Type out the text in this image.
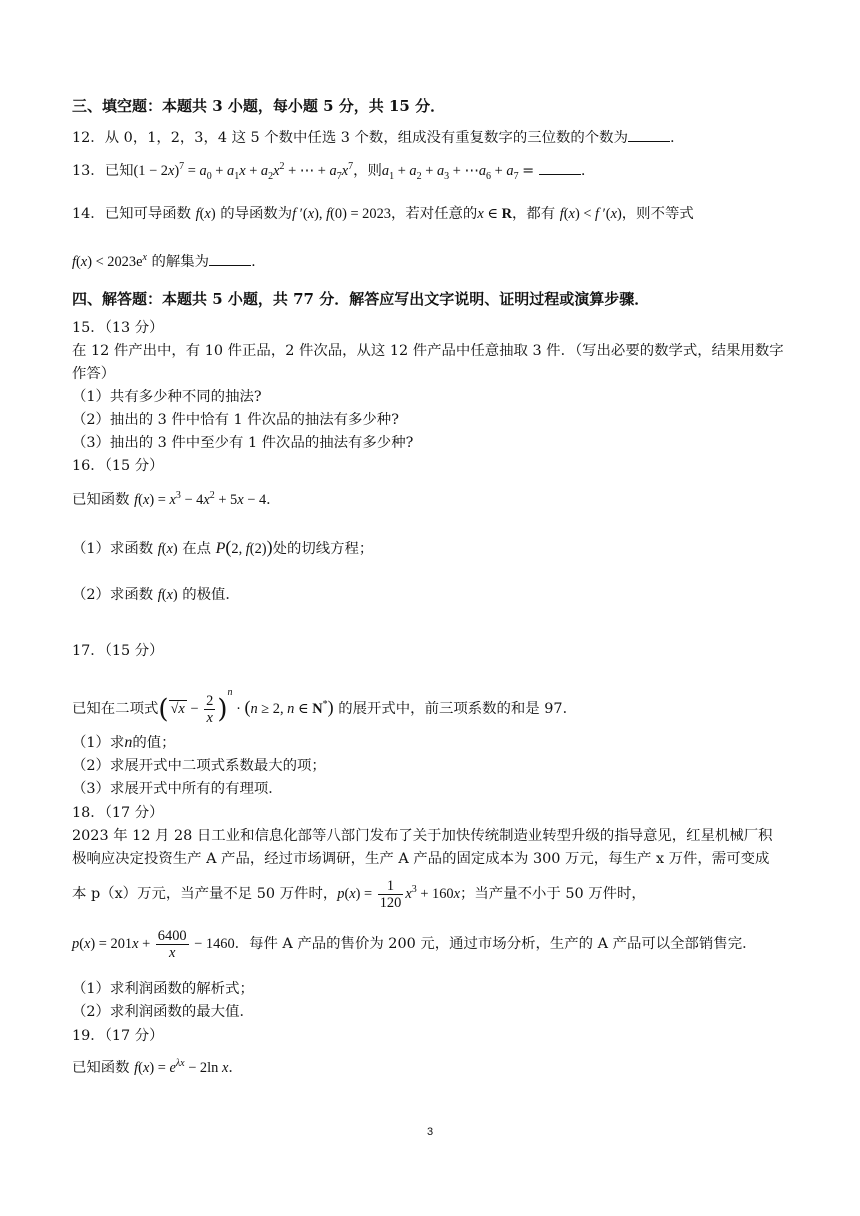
三、填空题：本题共 3 小题，每小题 5 分，共 15 分．
12．从 0，1，2，3，4 这 5 个数中任选 3 个数，组成没有重复数字的三位数的个数为	.
13．已知$(1 - 2x)^7 = a_0 + a_1x + a_2x^2$ + ⋯ + $a_7x^7$，则$a_1 + a_2 + a_3$ + $\cdots a_6 + a_7$ =	.
14．已知可导函数 f(x) 的导函数为f ′(x), f(0) = 2023，若对任意的x ∈ R，都有 f(x) < f ′(x)，则不等式
$f(x) < 2023e^x$ 的解集为	.
四、解答题：本题共 5 小题，共 77 分．解答应写出文字说明、证明过程或演算步骤．
15．（13 分）
在 12 件产出中，有 10 件正品，2 件次品，从这 12 件产品中任意抽取 3 件．（写出必要的数学式，结果用数字
作答）
（1）共有多少种不同的抽法?
（2）抽出的 3 件中恰有 1 件次品的抽法有多少种?
（3）抽出的 3 件中至少有 1 件次品的抽法有多少种?
16．（15 分）
已知函数 $f(x) = x^3 - 4x^2 + 5x - 4$．
（1）求函数 f(x) 在点 P(2, f(2))处的切线方程；
（2）求函数 f(x) 的极值．
17．（15 分）
已知在二项式( $√x - \frac{2}{x} )^n \cdot (n \ge 2$, n ∈ N*) 的展开式中，前三项系数的和是 97．
（1）求n的值；
（2）求展开式中二项式系数最大的项；
（3）求展开式中所有的有理项．
18．（17 分）
2023 年 12 月 28 日工业和信息化部等八部门发布了关于加快传统制造业转型升级的指导意见，红星机械厂积
极响应决定投资生产 A 产品，经过市场调研，生产 A 产品的固定成本为 300 万元，每生产 x 万件，需可变成
本 p（x）万元，当产量不足 50 万件时，$p(x) = \frac{1}{120} x^3 + 160x$；当产量不小于 50 万件时，
$p(x) = 201x + \frac{6400}{x} - 1460$．每件 A 产品的售价为 200 元，通过市场分析，生产的 A 产品可以全部销售完．
（1）求利润函数的解析式；
（2）求利润函数的最大值．
19．（17 分）
已知函数 $f(x) = e^{\lambda x} - 2\ln$ x．
3
